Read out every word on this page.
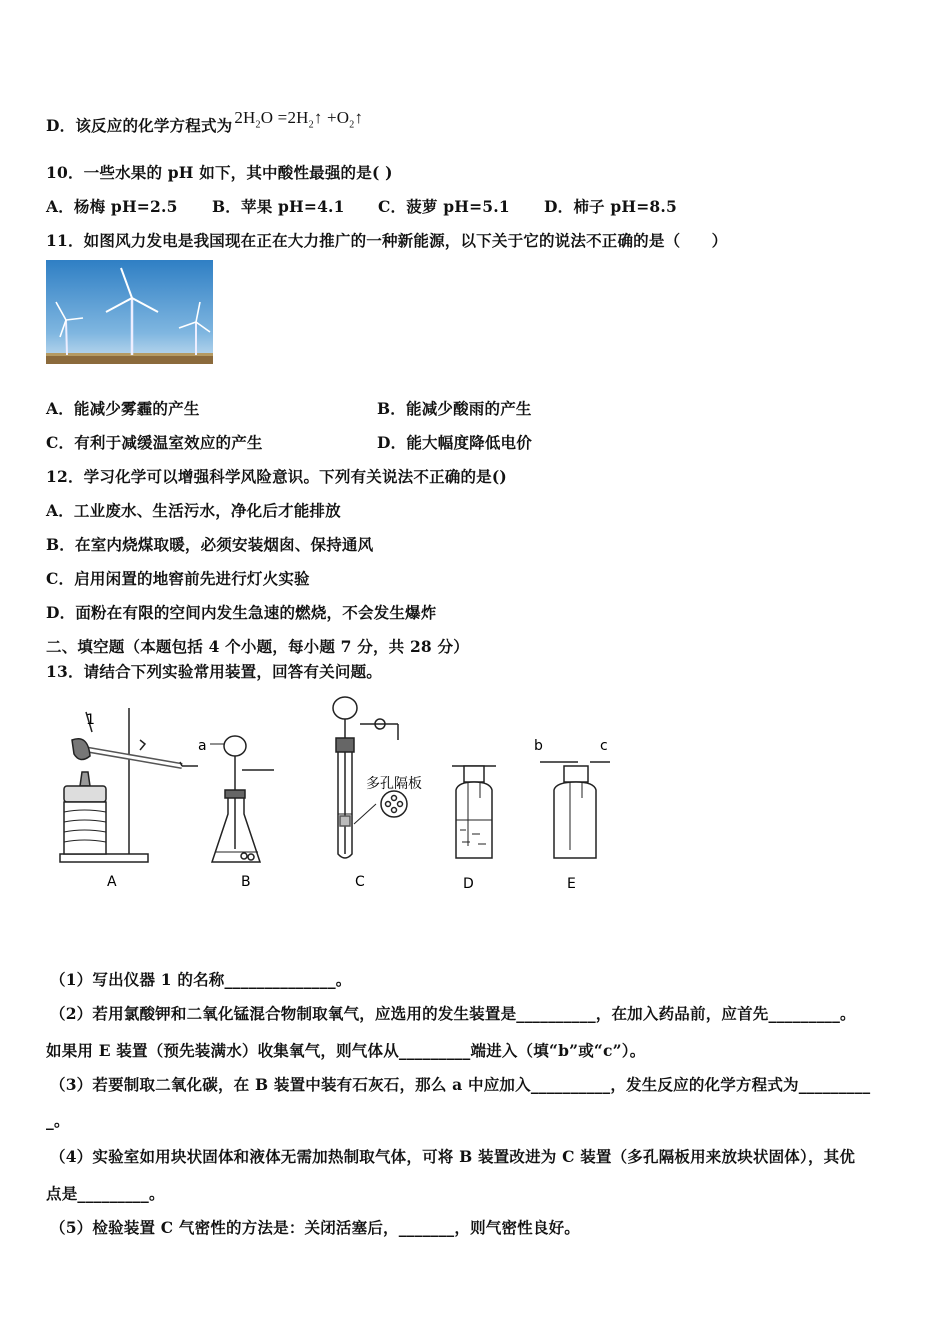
D．该反应的化学方程式为 $2H_2O$ $=2H_2↑$ $+O_2↑$
10．一些水果的 pH 如下，其中酸性最强的是( )
A．杨梅 pH=2.5 B．苹果 pH=4.1 C．菠萝 pH=5.1 D．柿子 pH=8.5
11．如图风力发电是我国现在正在大力推广的一种新能源，以下关于它的说法不正确的是（　　）
A．能减少雾霾的产生	B．能减少酸雨的产生
C．有利于减缓温室效应的产生	D．能大幅度降低电价
12．学习化学可以增强科学风险意识。下列有关说法不正确的是()
A．工业废水、生活污水，净化后才能排放
B．在室内烧煤取暖，必须安装烟囱、保持通风
C．启用闲置的地窖前先进行灯火实验
D．面粉在有限的空间内发生急速的燃烧，不会发生爆炸
二、填空题（本题包括 4 个小题，每小题 7 分，共 28 分）
13．请结合下列实验常用装置，回答有关问题。
1
a
多孔隔板
b	c
A	B	C	D	E
（1）写出仪器 1 的名称______________。
（2）若用氯酸钾和二氧化锰混合物制取氧气，应选用的发生装置是__________，在加入药品前，应首先_________。
如果用 E 装置（预先装满水）收集氧气，则气体从_________端进入（填“b”或“c”）。
（3）若要制取二氧化碳，在 B 装置中装有石灰石，那么 a 中应加入__________，发生反应的化学方程式为_________
_。
（4）实验室如用块状固体和液体无需加热制取气体，可将 B 装置改进为 C 装置（多孔隔板用来放块状固体），其优
点是_________。
（5）检验装置 C 气密性的方法是：关闭活塞后，_______，则气密性良好。
